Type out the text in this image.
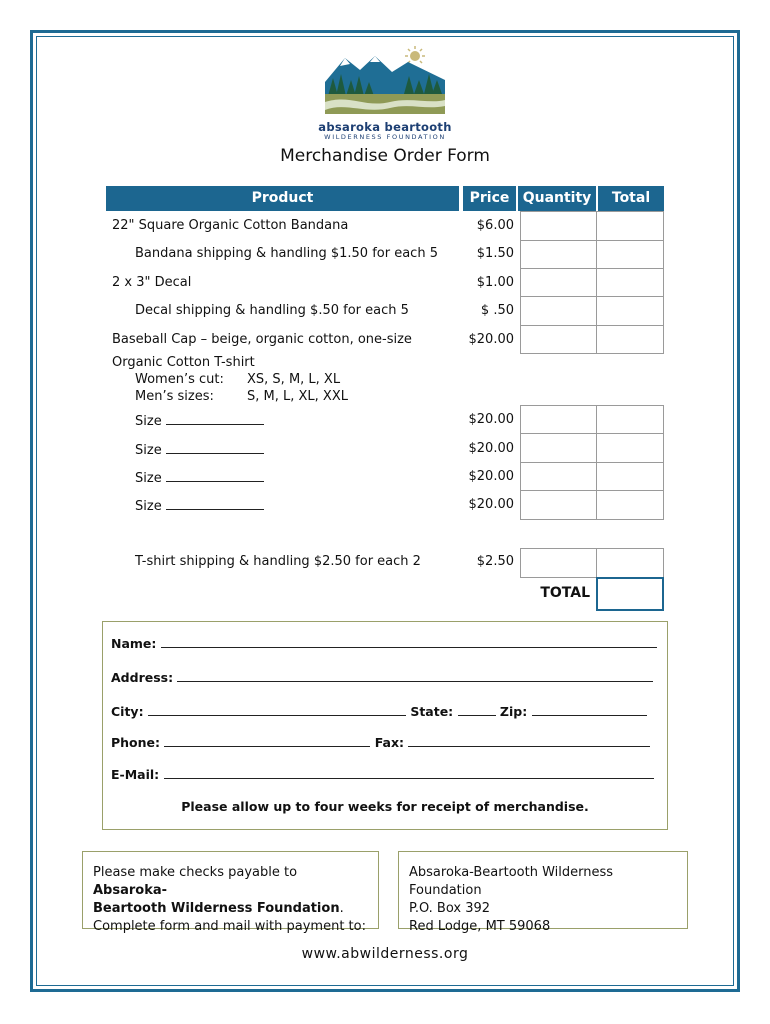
absaroka beartooth
WILDERNESS FOUNDATION
Merchandise Order Form
Product	Price Quantity	Total
22" Square Organic Cotton Bandana	$6.00
Bandana shipping & handling $1.50 for each 5	$1.50
2 x 3" Decal	$1.00
Decal shipping & handling $.50 for each 5	$ .50
Baseball Cap – beige, organic cotton, one-size	$20.00
Organic Cotton T-shirt
Women’s cut: XS, S, M, L, XL
Men’s sizes:	S, M, L, XL, XXL
Size	$20.00
Size	$20.00
Size	$20.00
Size	$20.00
T-shirt shipping & handling $2.50 for each 2	$2.50
TOTAL
Name:
Address:
City:	State:	Zip:
Phone:	Fax:
E-Mail:
Please allow up to four weeks for receipt of merchandise.
Please make checks payable to Absaroka-
Beartooth Wilderness Foundation.
Complete form and mail with payment to:
Absaroka-Beartooth Wilderness Foundation
P.O. Box 392
Red Lodge, MT 59068
www.abwilderness.org
